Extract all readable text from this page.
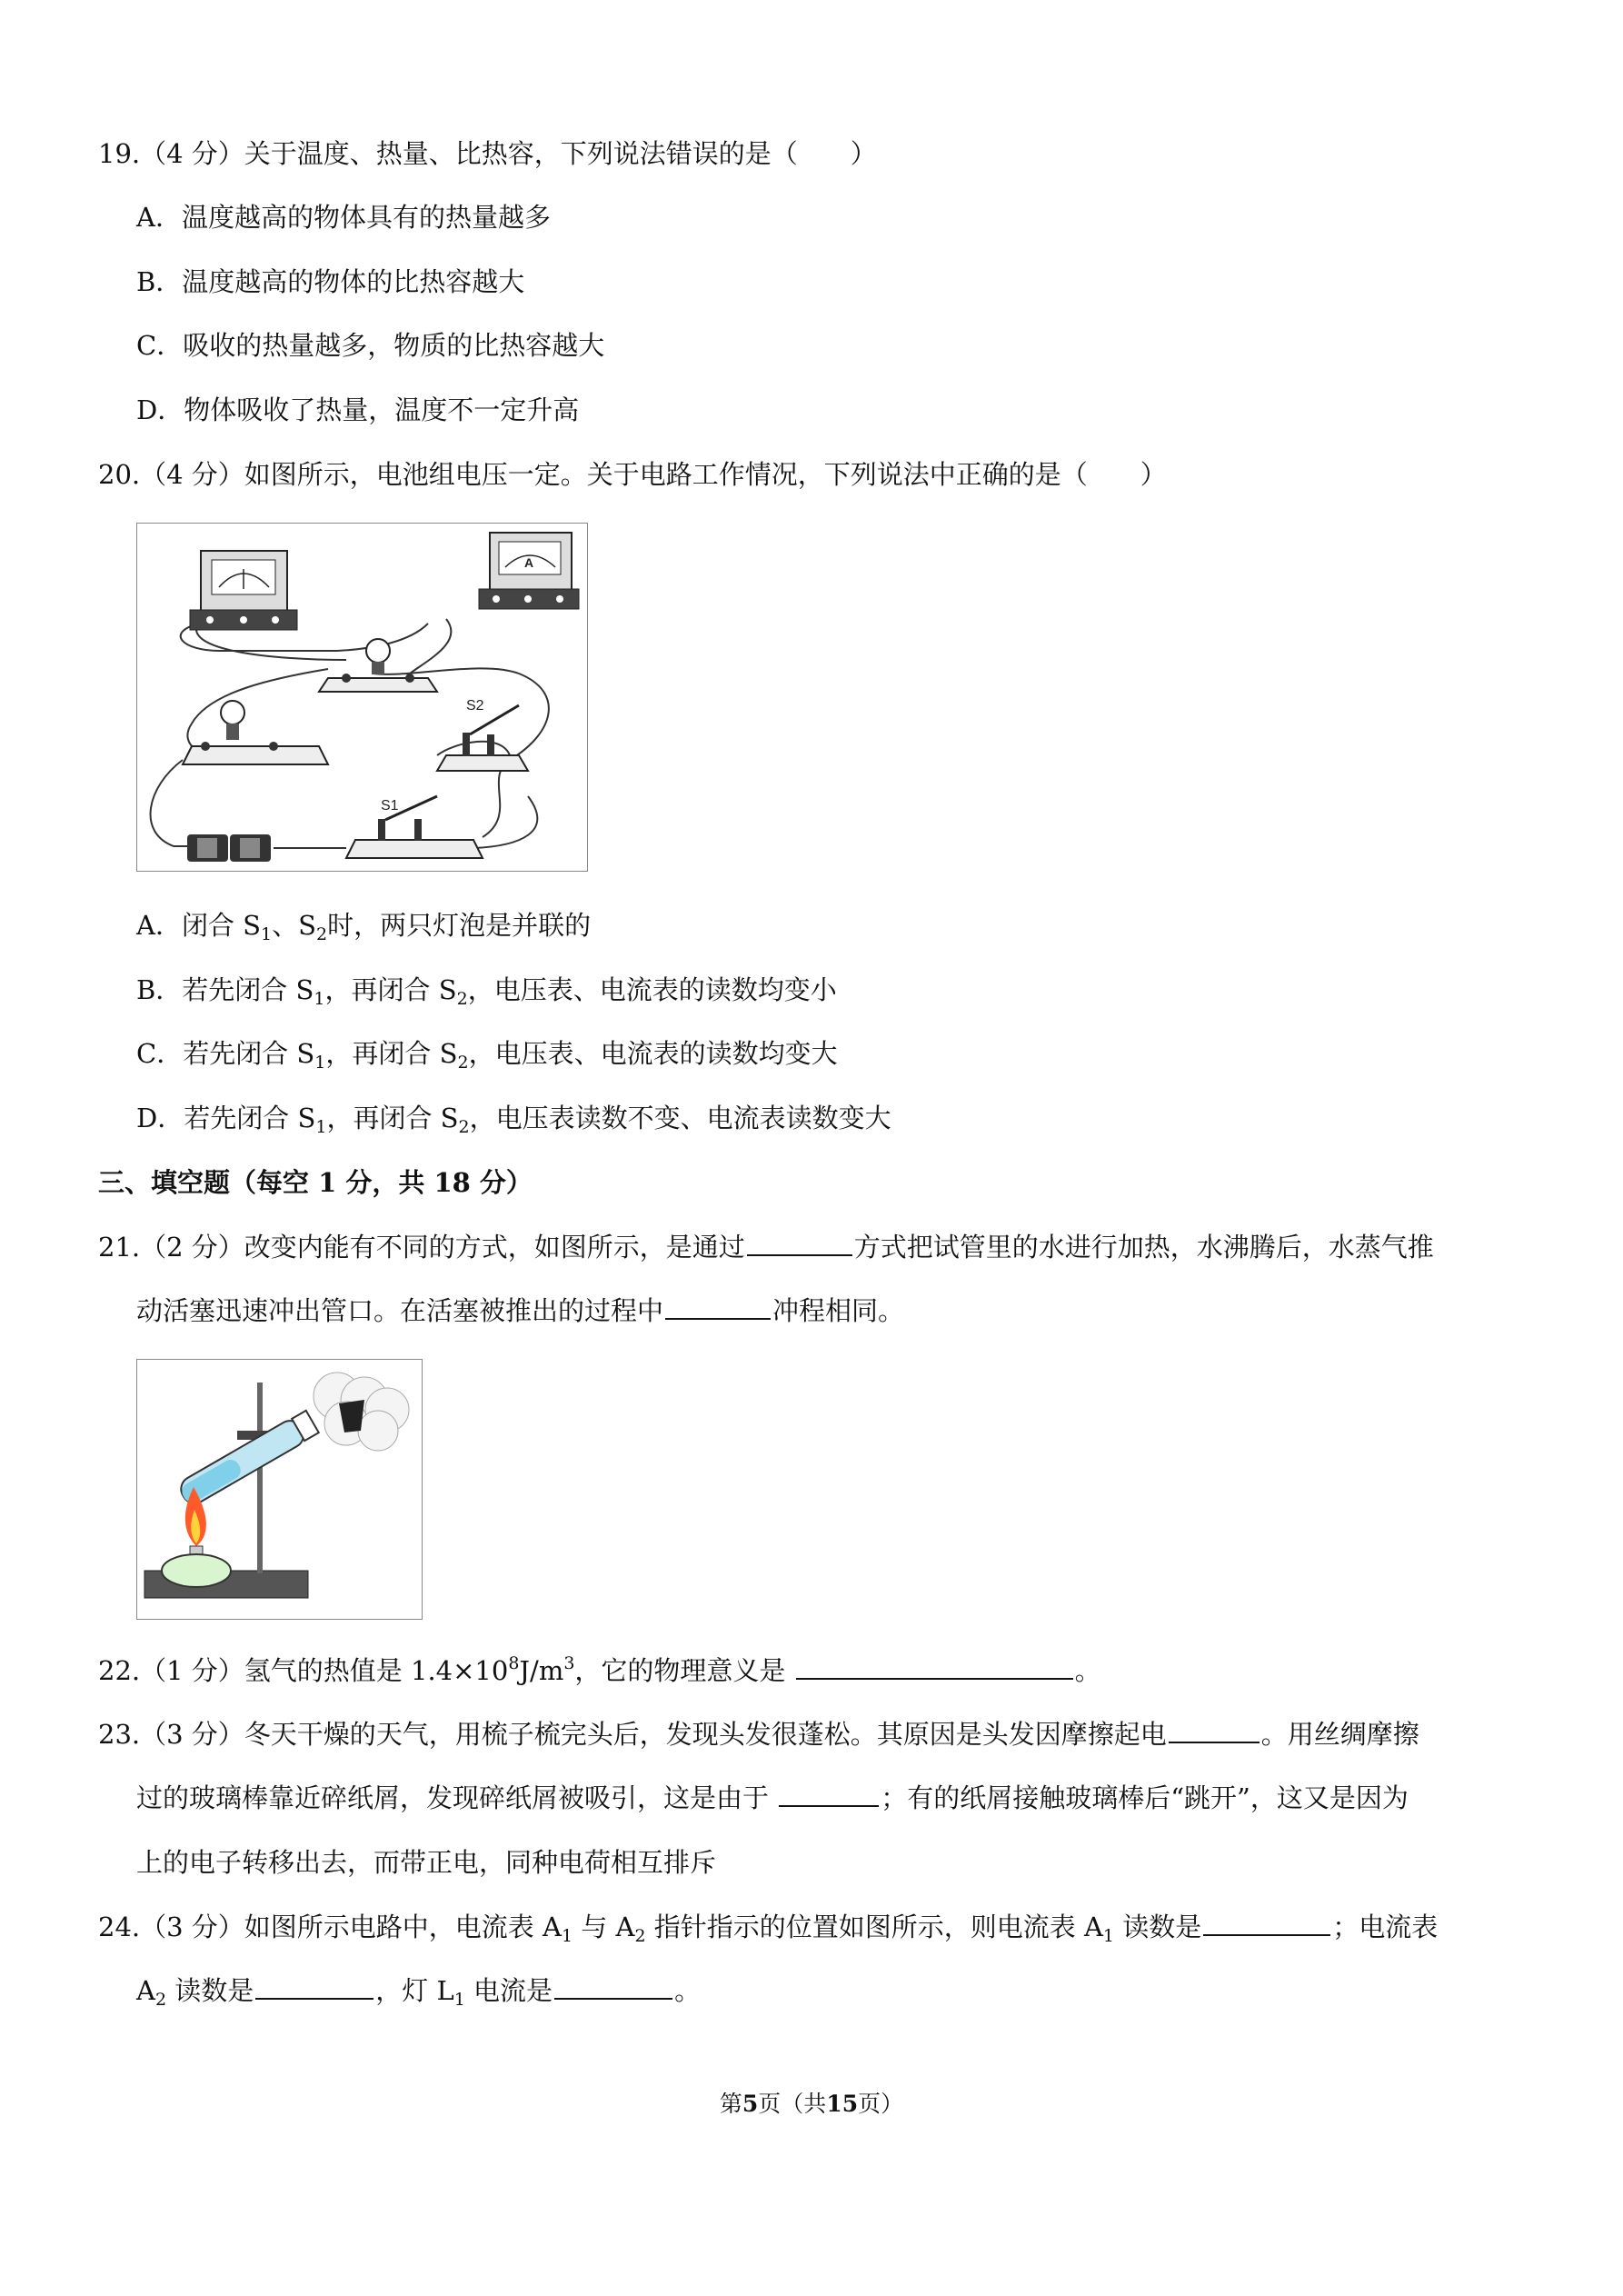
19.（4 分）关于温度、热量、比热容，下列说法错误的是（　　）
A．温度越高的物体具有的热量越多
B．温度越高的物体的比热容越大
C．吸收的热量越多，物质的比热容越大
D．物体吸收了热量，温度不一定升高
20.（4 分）如图所示，电池组电压一定。关于电路工作情况，下列说法中正确的是（　　）
A
S2
S1
A．闭合 $S_1$、$S_2$时，两只灯泡是并联的
B．若先闭合 $S_1$，再闭合 $S_2$，电压表、电流表的读数均变小
C．若先闭合 $S_1$，再闭合 $S_2$，电压表、电流表的读数均变大
D．若先闭合 $S_1$，再闭合 $S_2$，电压表读数不变、电流表读数变大
三、填空题（每空 1 分，共 18 分）
21.（2 分）改变内能有不同的方式，如图所示，是通过	方式把试管里的水进行加热，水沸腾后，水蒸气推
动活塞迅速冲出管口。在活塞被推出的过程中	冲程相同。
22.（1 分）氢气的热值是 $1.4\times 10^8J/m^3$，它的物理意义是	。
23.（3 分）冬天干燥的天气，用梳子梳完头后，发现头发很蓬松。其原因是头发因摩擦起电	。用丝绸摩擦
过的玻璃棒靠近碎纸屑，发现碎纸屑被吸引，这是由于	；有的纸屑接触玻璃棒后“跳开”，这又是因为
上的电子转移出去，而带正电，同种电荷相互排斥
24.（3 分）如图所示电路中，电流表 $A_1$ 与 $A_2$ 指针指示的位置如图所示，则电流表 $A_1$ 读数是	；电流表
$A_2$ 读数是	，灯 $L_1$ 电流是	。
第5页（共15页）
